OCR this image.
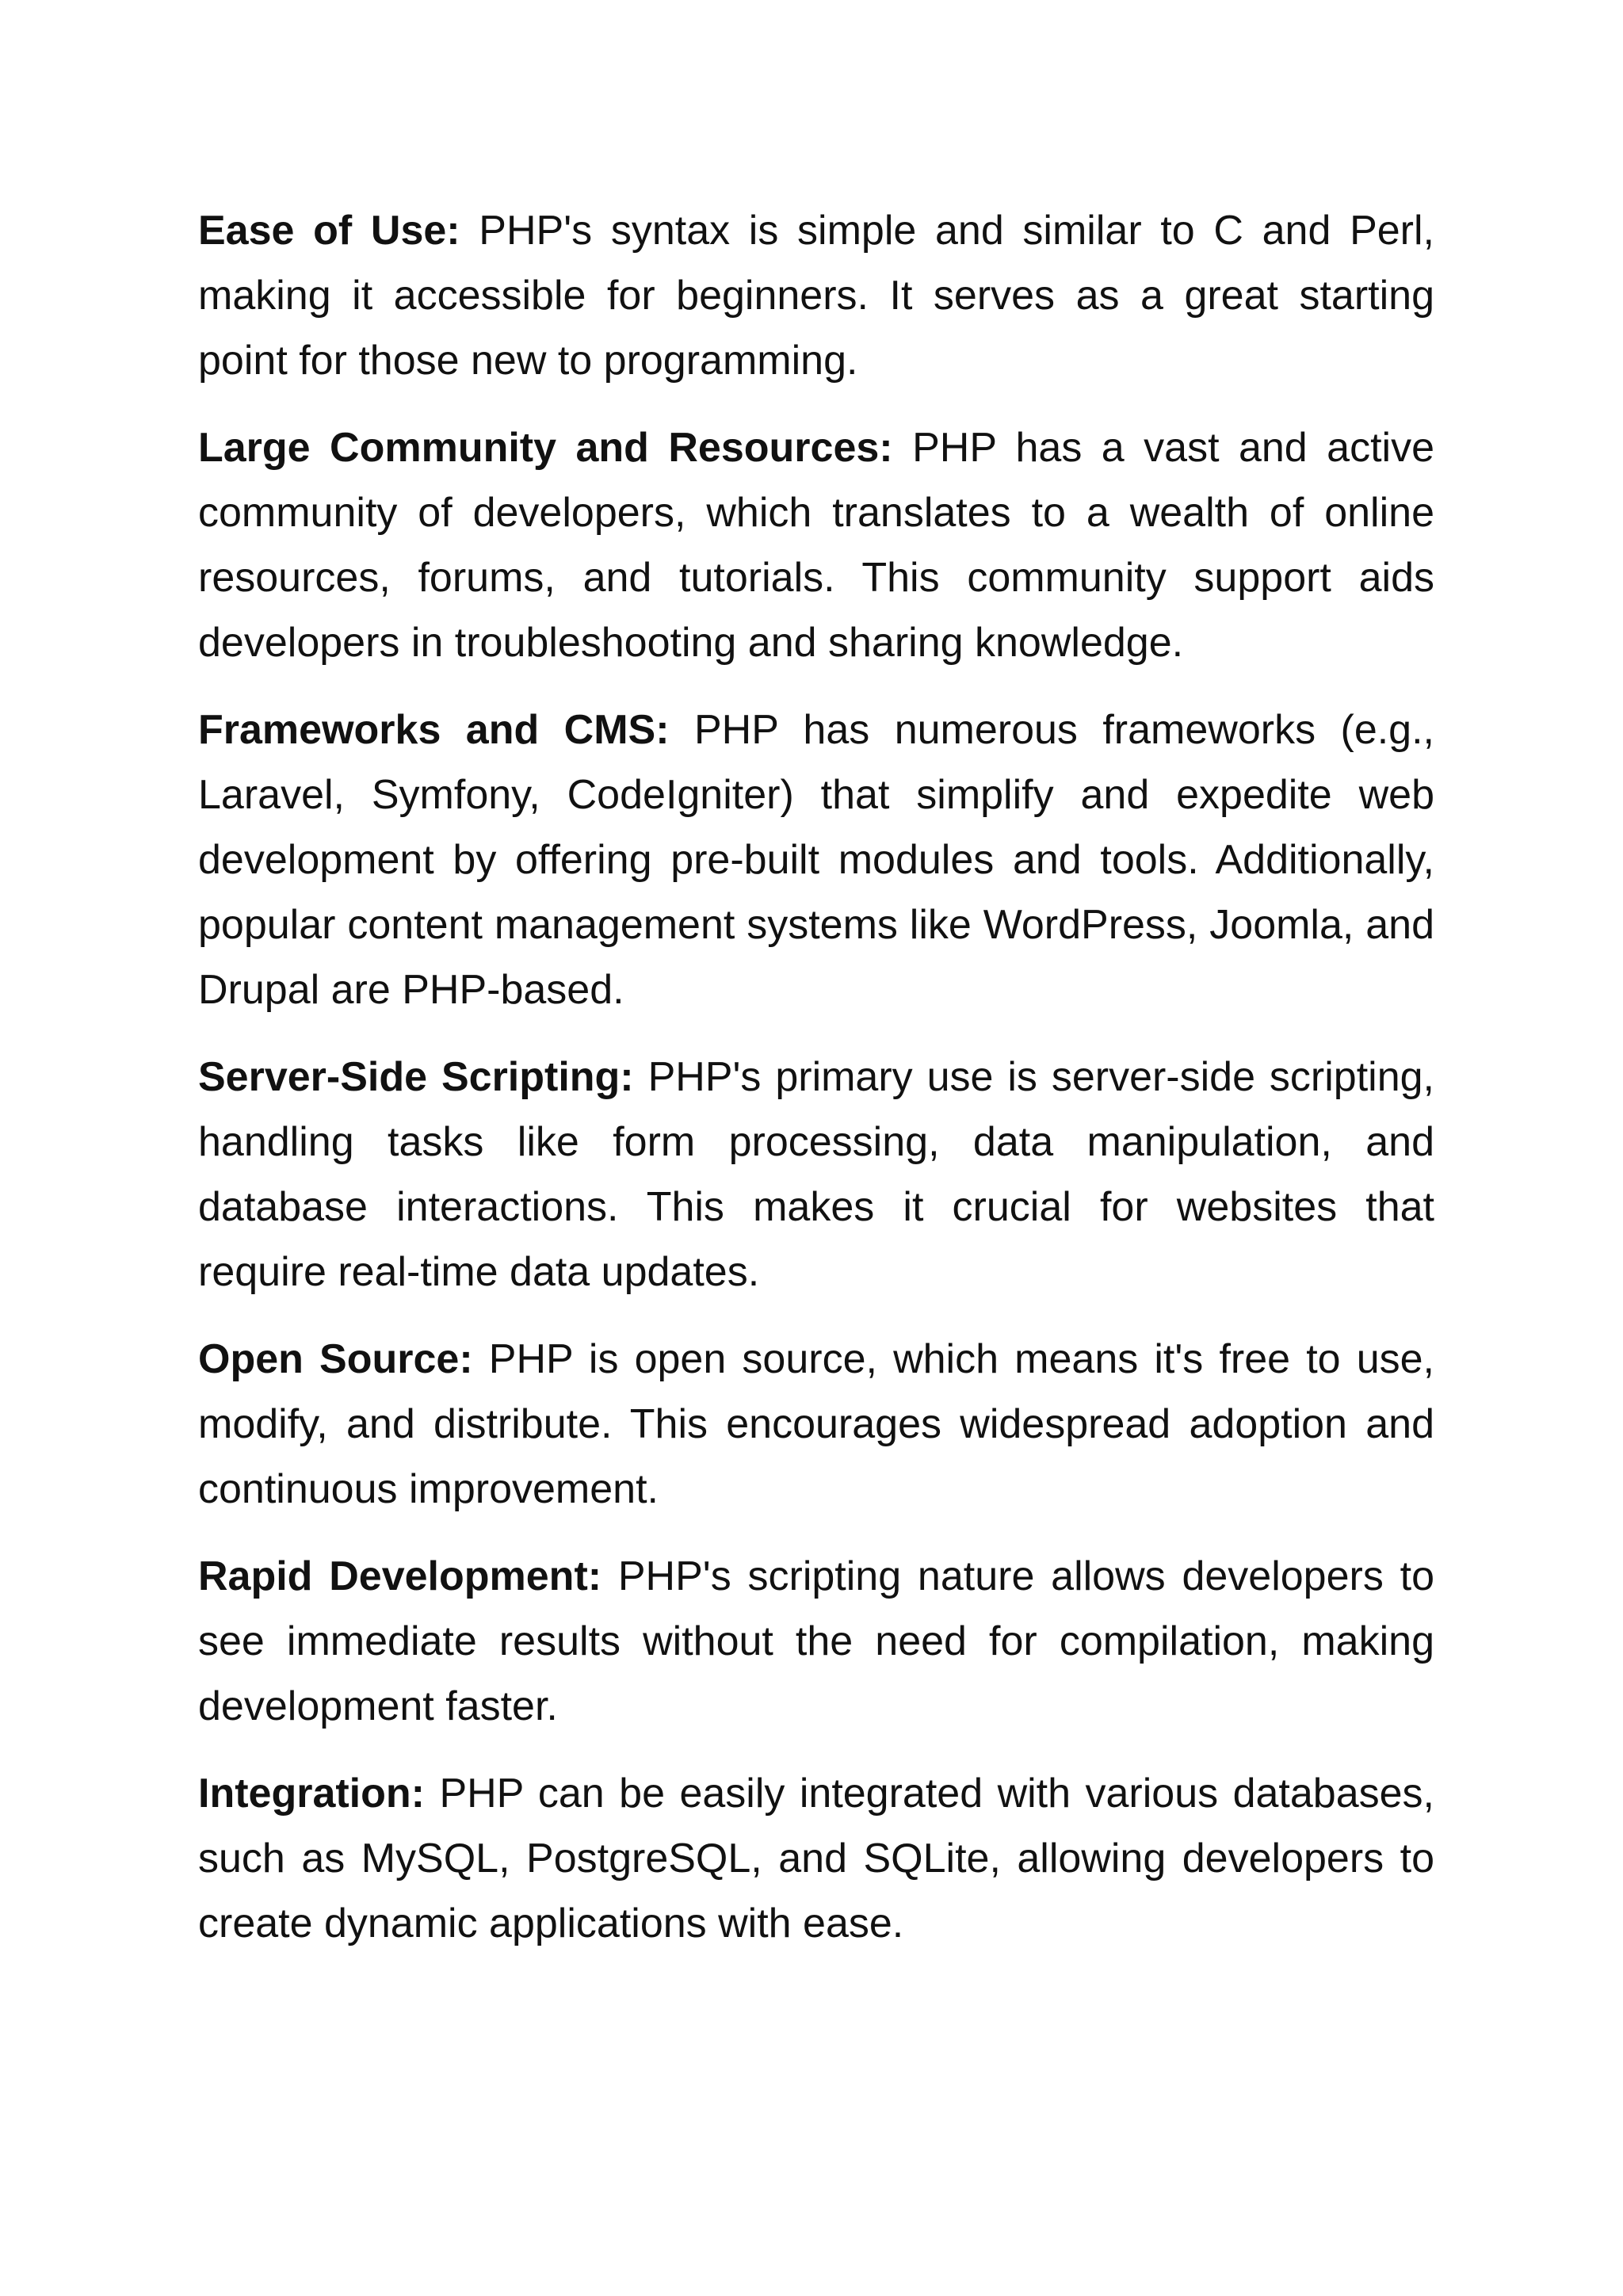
Ease of Use: PHP's syntax is simple and similar to C and Perl, making it accessible for beginners. It serves as a great starting point for those new to programming.

Large Community and Resources: PHP has a vast and active community of developers, which translates to a wealth of online resources, forums, and tutorials. This community support aids developers in troubleshooting and sharing knowledge.

Frameworks and CMS: PHP has numerous frameworks (e.g., Laravel, Symfony, CodeIgniter) that simplify and expedite web development by offering pre-built modules and tools. Additionally, popular content management systems like WordPress, Joomla, and Drupal are PHP-based.

Server-Side Scripting: PHP's primary use is server-side scripting, handling tasks like form processing, data manipulation, and database interactions. This makes it crucial for websites that require real-time data updates.

Open Source: PHP is open source, which means it's free to use, modify, and distribute. This encourages widespread adoption and continuous improvement.

Rapid Development: PHP's scripting nature allows developers to see immediate results without the need for compilation, making development faster.

Integration: PHP can be easily integrated with various databases, such as MySQL, PostgreSQL, and SQLite, allowing developers to create dynamic applications with ease.
